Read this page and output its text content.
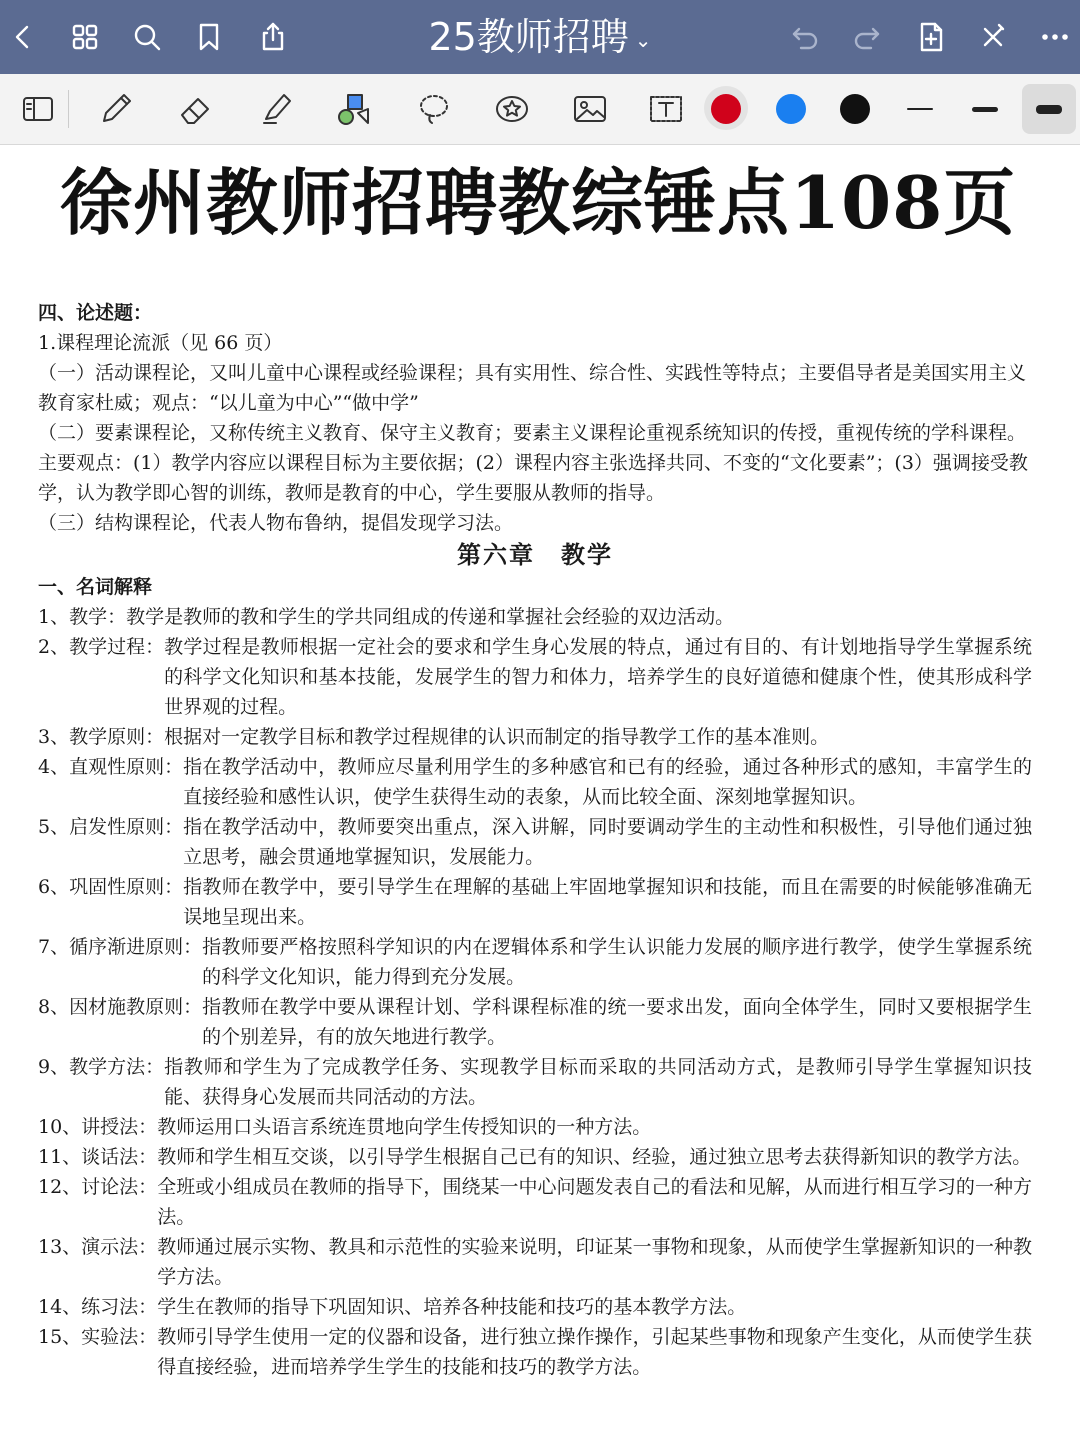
25教师招聘 ⌄
徐州教师招聘教综锤点108页

四、论述题：

1.课程理论流派（见 66 页）

（一）活动课程论，又叫儿童中心课程或经验课程；具有实用性、综合性、实践性等特点；主要倡导者是美国实用主义教育家杜威；观点：“以儿童为中心”“做中学”

（二）要素课程论，又称传统主义教育、保守主义教育；要素主义课程论重视系统知识的传授，重视传统的学科课程。主要观点：(1）教学内容应以课程目标为主要依据；(2）课程内容主张选择共同、不变的“文化要素”；(3）强调接受教学，认为教学即心智的训练，教师是教育的中心，学生要服从教师的指导。

（三）结构课程论，代表人物布鲁纳，提倡发现学习法。

第六章　教学

一、名词解释

1、教学： 教学是教师的教和学生的学共同组成的传递和掌握社会经验的双边活动。
2、教学过程： 教学过程是教师根据一定社会的要求和学生身心发展的特点，通过有目的、有计划地指导学生掌握系统的科学文化知识和基本技能，发展学生的智力和体力，培养学生的良好道德和健康个性，使其形成科学世界观的过程。
3、教学原则： 根据对一定教学目标和教学过程规律的认识而制定的指导教学工作的基本准则。
4、直观性原则： 指在教学活动中，教师应尽量利用学生的多种感官和已有的经验，通过各种形式的感知，丰富学生的直接经验和感性认识，使学生获得生动的表象，从而比较全面、深刻地掌握知识。
5、启发性原则： 指在教学活动中，教师要突出重点，深入讲解，同时要调动学生的主动性和积极性，引导他们通过独立思考，融会贯通地掌握知识，发展能力。
6、巩固性原则： 指教师在教学中，要引导学生在理解的基础上牢固地掌握知识和技能，而且在需要的时候能够准确无误地呈现出来。
7、循序渐进原则： 指教师要严格按照科学知识的内在逻辑体系和学生认识能力发展的顺序进行教学，使学生掌握系统的科学文化知识，能力得到充分发展。
8、因材施教原则： 指教师在教学中要从课程计划、学科课程标准的统一要求出发，面向全体学生，同时又要根据学生的个别差异，有的放矢地进行教学。
9、教学方法： 指教师和学生为了完成教学任务、实现教学目标而采取的共同活动方式，是教师引导学生掌握知识技能、获得身心发展而共同活动的方法。
10、讲授法： 教师运用口头语言系统连贯地向学生传授知识的一种方法。
11、谈话法： 教师和学生相互交谈，以引导学生根据自己已有的知识、经验，通过独立思考去获得新知识的教学方法。
12、讨论法： 全班或小组成员在教师的指导下，围绕某一中心问题发表自己的看法和见解，从而进行相互学习的一种方法。
13、演示法： 教师通过展示实物、教具和示范性的实验来说明，印证某一事物和现象，从而使学生掌握新知识的一种教学方法。
14、练习法： 学生在教师的指导下巩固知识、培养各种技能和技巧的基本教学方法。
15、实验法： 教师引导学生使用一定的仪器和设备，进行独立操作操作，引起某些事物和现象产生变化，从而使学生获得直接经验，进而培养学生学生的技能和技巧的教学方法。
